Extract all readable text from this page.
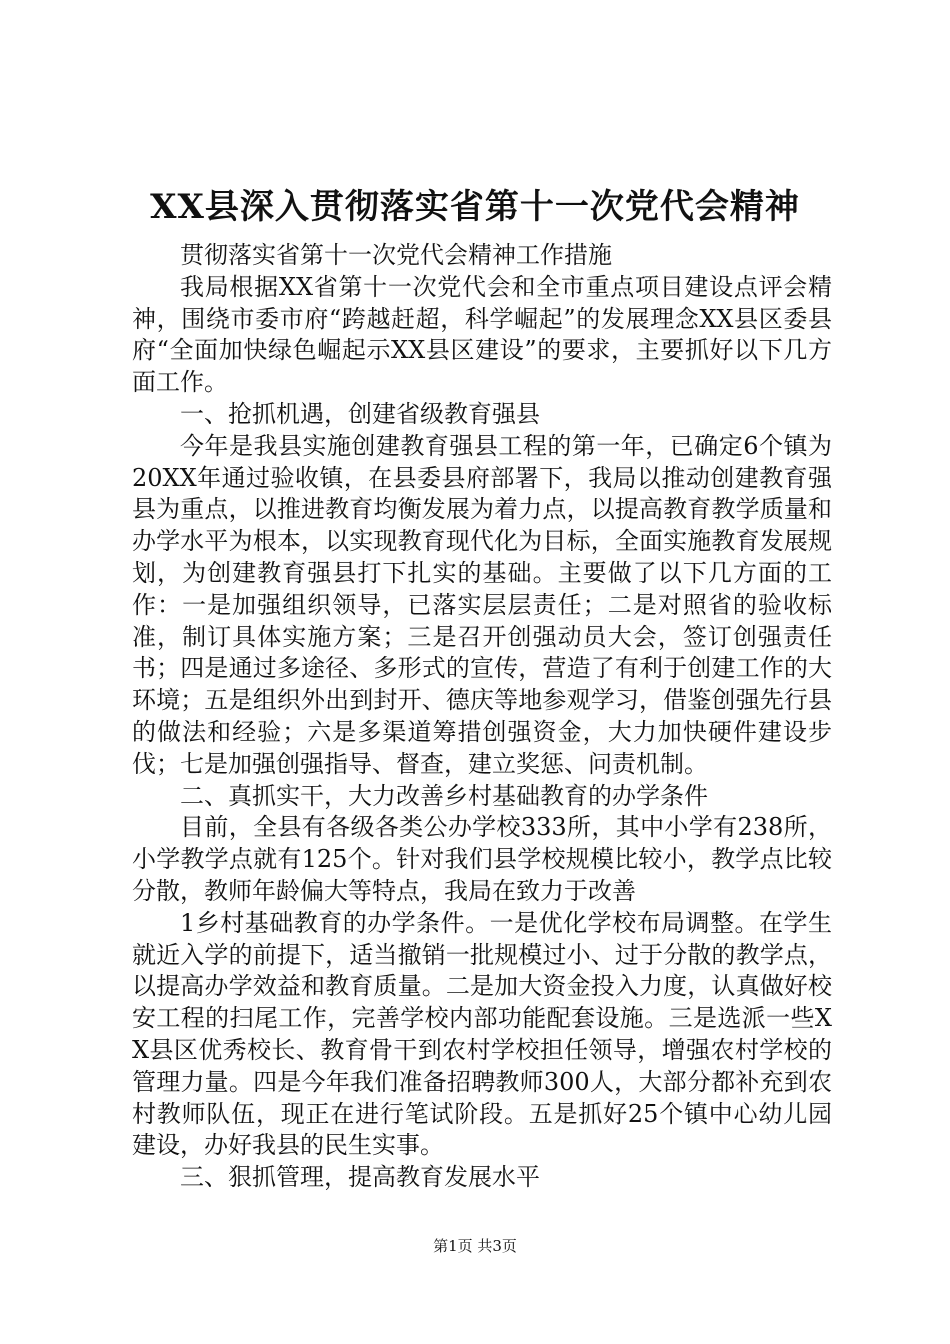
XX县深入贯彻落实省第十一次党代会精神

贯彻落实省第十一次党代会精神工作措施

我局根据XX省第十一次党代会和全市重点项目建设点评会精神，围绕市委市府“跨越赶超，科学崛起”的发展理念XX县区委县府“全面加快绿色崛起示XX县区建设”的要求，主要抓好以下几方面工作。

一、抢抓机遇，创建省级教育强县

今年是我县实施创建教育强县工程的第一年，已确定6个镇为20XX年通过验收镇，在县委县府部署下，我局以推动创建教育强县为重点，以推进教育均衡发展为着力点，以提高教育教学质量和办学水平为根本，以实现教育现代化为目标，全面实施教育发展规划，为创建教育强县打下扎实的基础。主要做了以下几方面的工作：一是加强组织领导，已落实层层责任；二是对照省的验收标准，制订具体实施方案；三是召开创强动员大会，签订创强责任书；四是通过多途径、多形式的宣传，营造了有利于创建工作的大环境；五是组织外出到封开、德庆等地参观学习，借鉴创强先行县的做法和经验；六是多渠道筹措创强资金，大力加快硬件建设步伐；七是加强创强指导、督查，建立奖惩、问责机制。

二、真抓实干，大力改善乡村基础教育的办学条件

目前，全县有各级各类公办学校333所，其中小学有238所，小学教学点就有125个。针对我们县学校规模比较小，教学点比较分散，教师年龄偏大等特点，我局在致力于改善

1乡村基础教育的办学条件。一是优化学校布局调整。在学生就近入学的前提下，适当撤销一批规模过小、过于分散的教学点，以提高办学效益和教育质量。二是加大资金投入力度，认真做好校安工程的扫尾工作，完善学校内部功能配套设施。三是选派一些XX县区优秀校长、教育骨干到农村学校担任领导，增强农村学校的管理力量。四是今年我们准备招聘教师300人，大部分都补充到农村教师队伍，现正在进行笔试阶段。五是抓好25个镇中心幼儿园建设，办好我县的民生实事。

三、狠抓管理，提高教育发展水平

第1页 共3页
